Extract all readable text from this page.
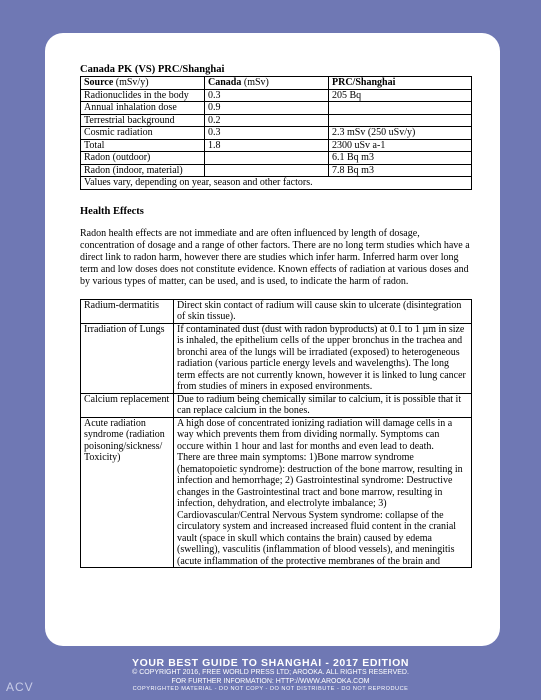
Canada PK (VS) PRC/Shanghai
Source (mSv/y)	Canada (mSv)	PRC/Shanghai
Radionuclides in the body	0.3	205 Bq
Annual inhalation dose	0.9	
Terrestrial background	0.2	
Cosmic radiation	0.3	2.3 mSv (250 uSv/y)
Total	1.8	2300 uSv a-1
Radon (outdoor)		6.1 Bq m3
Radon (indoor, material)		7.8 Bq m3
Values vary, depending on year, season and other factors.		
Health Effects

Radon health effects are not immediate and are often influenced by length of dosage, concentration of dosage and a range of other factors. There are no long term studies which have a direct link to radon harm, however there are studies which infer harm. Inferred harm over long term and low doses does not constitute evidence. Known effects of radiation at various doses and by various types of matter, can be used, and is used, to indicate the harm of radon.

Radium-dermatitis	Direct skin contact of radium will cause skin to ulcerate (disintegration of skin tissue).
Irradiation of Lungs	If contaminated dust (dust with radon byproducts) at 0.1 to 1 µm in size is inhaled, the epithelium cells of the upper bronchus in the trachea and bronchi area of the lungs will be irradiated (exposed) to heterogeneous radiation (various particle energy levels and wavelengths). The long term effects are not currently known, however it is linked to lung cancer from studies of miners in exposed environments.
Calcium replacement	Due to radium being chemically similar to calcium, it is possible that it can replace calcium in the bones.
Acute radiation syndrome (radiation poisoning/sickness/ Toxicity)	A high dose of concentrated ionizing radiation will damage cells in a way which prevents them from dividing normally. Symptoms can occure within 1 hour and last for months and even lead to death.
There are three main symptoms: 1)Bone marrow syndrome (hematopoietic syndrome): destruction of the bone marrow, resulting in infection and hemorrhage; 2) Gastrointestinal syndrome: Destructive changes in the Gastrointestinal tract and bone marrow, resulting in infection, dehydration, and electrolyte imbalance; 3) Cardiovascular/Central Nervous System syndrome: collapse of the circulatory system and increased increased fluid content in the cranial vault (space in skull which contains the brain) caused by edema (swelling), vasculitis (inflammation of blood vessels), and meningitis (acute inflammation of the protective membranes of the brain and
YOUR BEST GUIDE TO SHANGHAI - 2017 EDITION
© COPYRIGHT 2016, FREE WORLD PRESS LTD; AROOKA. ALL RIGHTS RESERVED.
FOR FURTHER INFORMATION: HTTP://WWW.AROOKA.COM
COPYRIGHTED MATERIAL - DO NOT COPY - DO NOT DISTRIBUTE - DO NOT REPRODUCE
ACV
